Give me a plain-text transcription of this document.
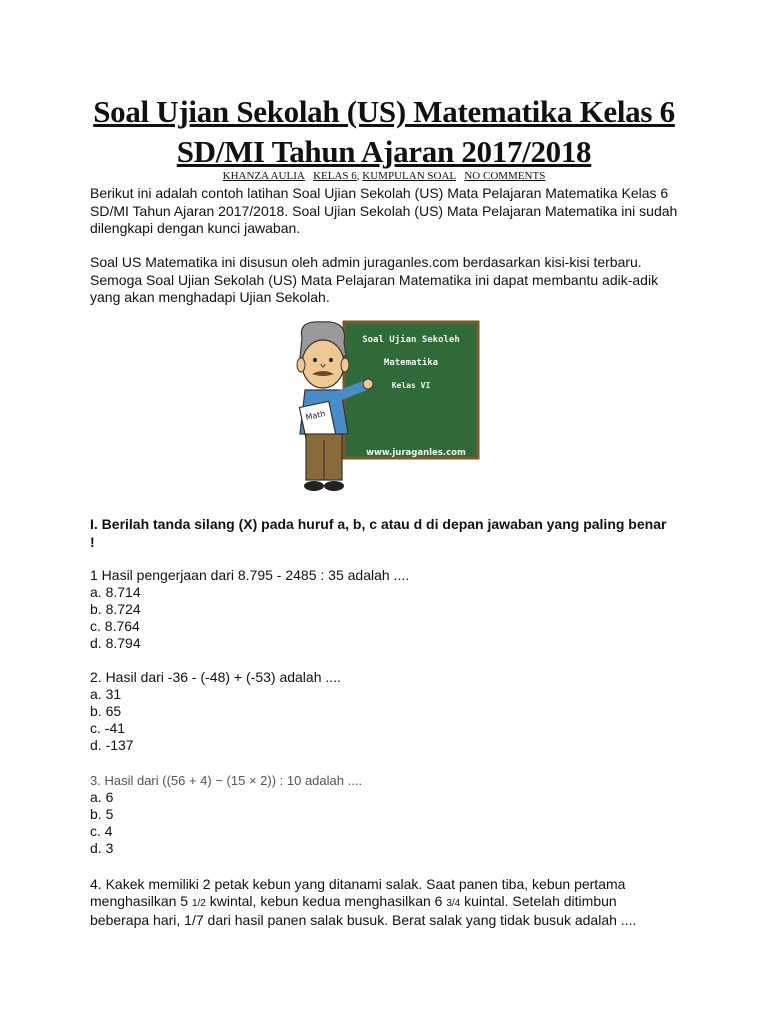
Soal Ujian Sekolah (US) Matematika Kelas 6
SD/MI Tahun Ajaran 2017/2018
KHANZA AULIA KELAS 6, KUMPULAN SOAL NO COMMENTS
Berikut ini adalah contoh latihan Soal Ujian Sekolah (US) Mata Pelajaran Matematika Kelas 6 SD/MI Tahun Ajaran 2017/2018. Soal Ujian Sekolah (US) Mata Pelajaran Matematika ini sudah dilengkapi dengan kunci jawaban.
Soal US Matematika ini disusun oleh admin juraganles.com berdasarkan kisi-kisi terbaru. Semoga Soal Ujian Sekolah (US) Mata Pelajaran Matematika ini dapat membantu adik-adik yang akan menghadapi Ujian Sekolah.
Soal Ujian Sekoleh
Matematika
Kelas VI
www.juraganles.com
Math
I. Berilah tanda silang (X) pada huruf a, b, c atau d di depan jawaban yang paling benar !
1 Hasil pengerjaan dari 8.795 - 2485 : 35 adalah ....
a. 8.714
b. 8.724
c. 8.764
d. 8.794
2. Hasil dari -36 - (-48) + (-53) adalah ....
a. 31
b. 65
c. -41
d. -137
3. Hasil dari ((56 + 4) − (15 × 2)) : 10 adalah ....
a. 6
b. 5
c. 4
d. 3
4. Kakek memiliki 2 petak kebun yang ditanami salak. Saat panen tiba, kebun pertama menghasilkan 5 1/2 kwintal, kebun kedua menghasilkan 6 3/4 kuintal. Setelah ditimbun beberapa hari, 1/7 dari hasil panen salak busuk. Berat salak yang tidak busuk adalah ....
